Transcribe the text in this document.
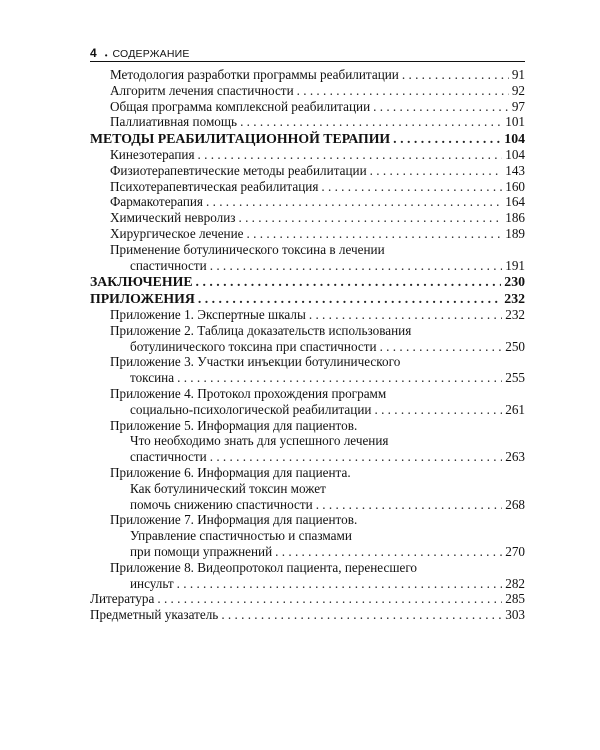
4 • СОДЕРЖАНИЕ
Методология разработки программы реабилитации . . .	91
Алгоритм лечения спастичности . . .	92
Общая программа комплексной реабилитации . . .	97
Паллиативная помощь . . .	101
МЕТОДЫ РЕАБИЛИТАЦИОННОЙ ТЕРАПИИ . . .	104
Кинезотерапия . . .	104
Физиотерапевтические методы реабилитации . . .	143
Психотерапевтическая реабилитация . . .	160
Фармакотерапия . . .	164
Химический невролиз . . .	186
Хирургическое лечение . . .	189
Применение ботулинического токсина в лечении
спастичности . . .	191
ЗАКЛЮЧЕНИЕ . . .	230
ПРИЛОЖЕНИЯ . . .	232
Приложение 1. Экспертные шкалы . . .	232
Приложение 2. Таблица доказательств использования
ботулинического токсина при спастичности . . .	250
Приложение 3. Участки инъекции ботулинического
токсина . . .	255
Приложение 4. Протокол прохождения программ
социально-психологической реабилитации . . .	261
Приложение 5. Информация для пациентов.
Что необходимо знать для успешного лечения
спастичности . . .	263
Приложение 6. Информация для пациента.
Как ботулинический токсин может
помочь снижению спастичности . . .	268
Приложение 7. Информация для пациентов.
Управление спастичностью и спазмами
при помощи упражнений . . .	270
Приложение 8. Видеопротокол пациента, перенесшего
инсульт . . .	282
Литература . . .	285
Предметный указатель . . .	303
